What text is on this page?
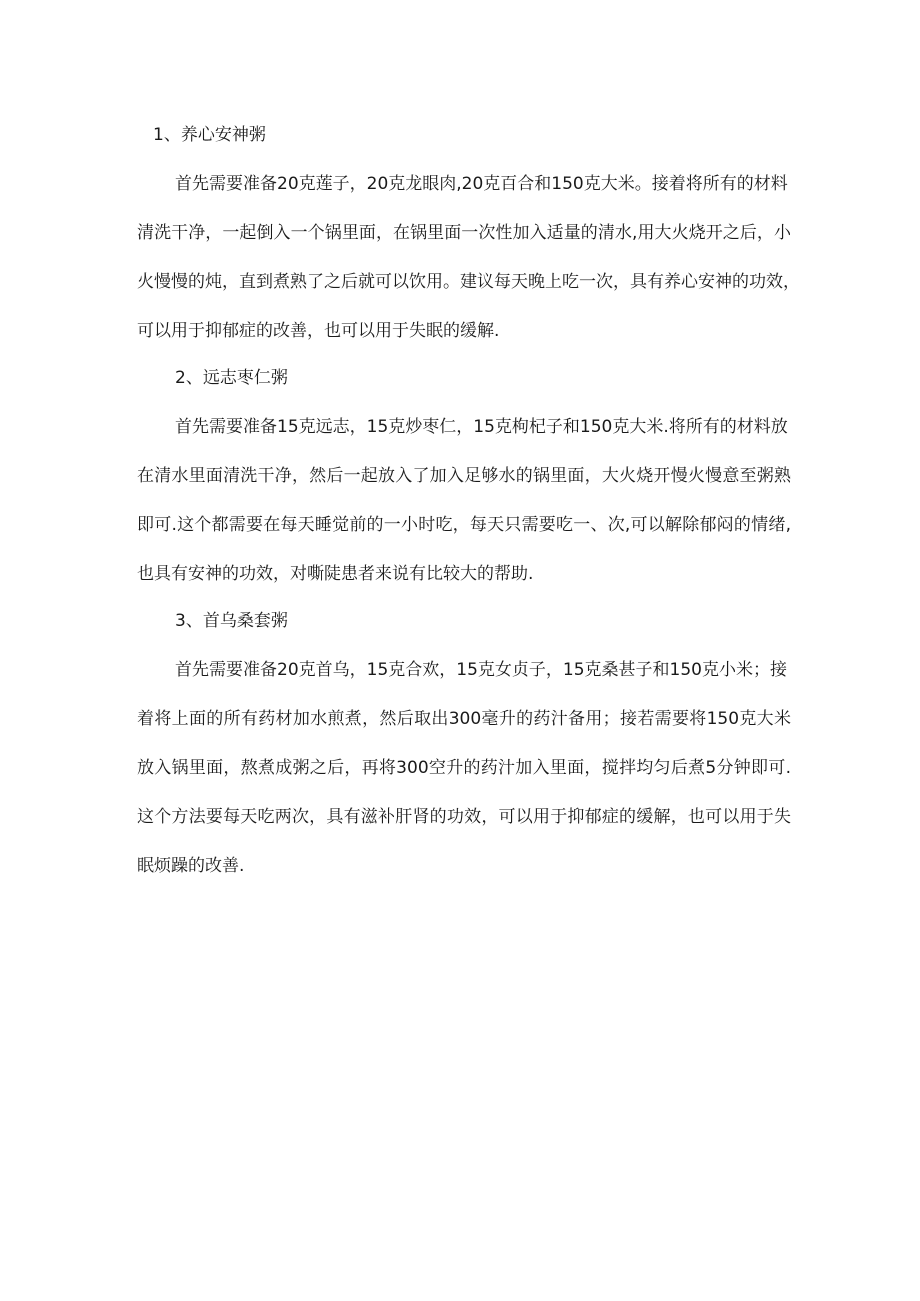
1、养心安神粥
首先需要准备20克莲子，20克龙眼肉,20克百合和150克大米。接着将所有的材料
清洗干净，一起倒入一个锅里面，在锅里面一次性加入适量的清水,用大火烧开之后，小
火慢慢的炖，直到煮熟了之后就可以饮用。建议每天晚上吃一次，具有养心安神的功效，
可以用于抑郁症的改善，也可以用于失眠的缓解.
2、远志枣仁粥
首先需要准备15克远志，15克炒枣仁，15克枸杞子和150克大米.将所有的材料放
在清水里面清洗干净，然后一起放入了加入足够水的锅里面，大火烧开慢火慢意至粥熟
即可.这个都需要在每天睡觉前的一小时吃，每天只需要吃一、次,可以解除郁闷的情绪,
也具有安神的功效，对嘶陡患者来说有比较大的帮助.
3、首乌桑套粥
首先需要准备20克首乌，15克合欢，15克女贞子，15克桑甚子和150克小米；接
着将上面的所有药材加水煎煮，然后取出300毫升的药汁备用；接若需要将150克大米
放入锅里面，熬煮成粥之后，再将300空升的药汁加入里面，搅拌均匀后煮5分钟即可.
这个方法要每天吃两次，具有滋补肝肾的功效，可以用于抑郁症的缓解，也可以用于失
眠烦躁的改善.
